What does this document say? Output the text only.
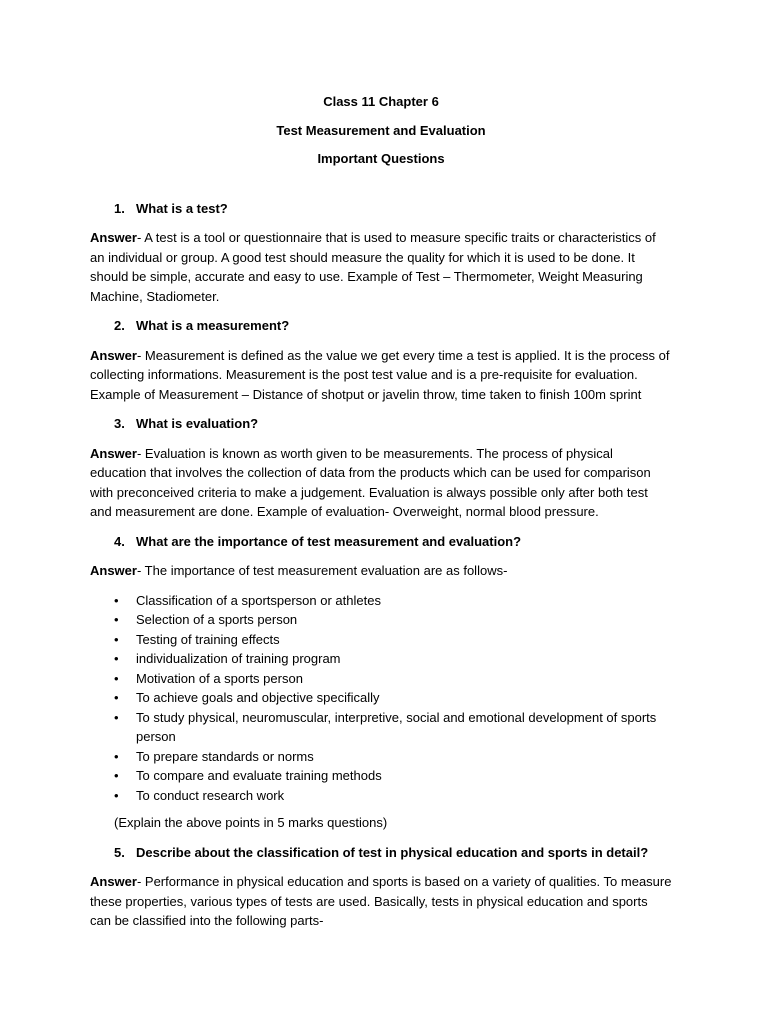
Class 11 Chapter 6

Test Measurement and Evaluation

Important Questions

1. What is a test?

Answer- A test is a tool or questionnaire that is used to measure specific traits or characteristics of an individual or group. A good test should measure the quality for which it is used to be done. It should be simple, accurate and easy to use. Example of Test – Thermometer, Weight Measuring Machine, Stadiometer.

2. What is a measurement?

Answer- Measurement is defined as the value we get every time a test is applied. It is the process of collecting informations. Measurement is the post test value and is a pre-requisite for evaluation. Example of Measurement – Distance of shotput or javelin throw, time taken to finish 100m sprint

3. What is evaluation?

Answer- Evaluation is known as worth given to be measurements. The process of physical education that involves the collection of data from the products which can be used for comparison with preconceived criteria to make a judgement. Evaluation is always possible only after both test and measurement are done. Example of evaluation- Overweight, normal blood pressure.

4. What are the importance of test measurement and evaluation?

Answer- The importance of test measurement evaluation are as follows-

• Classification of a sportsperson or athletes
• Selection of a sports person
• Testing of training effects
• individualization of training program
• Motivation of a sports person
• To achieve goals and objective specifically
• To study physical, neuromuscular, interpretive, social and emotional development of sports person
• To prepare standards or norms
• To compare and evaluate training methods
• To conduct research work

(Explain the above points in 5 marks questions)

5. Describe about the classification of test in physical education and sports in detail?

Answer- Performance in physical education and sports is based on a variety of qualities. To measure these properties, various types of tests are used. Basically, tests in physical education and sports can be classified into the following parts-
